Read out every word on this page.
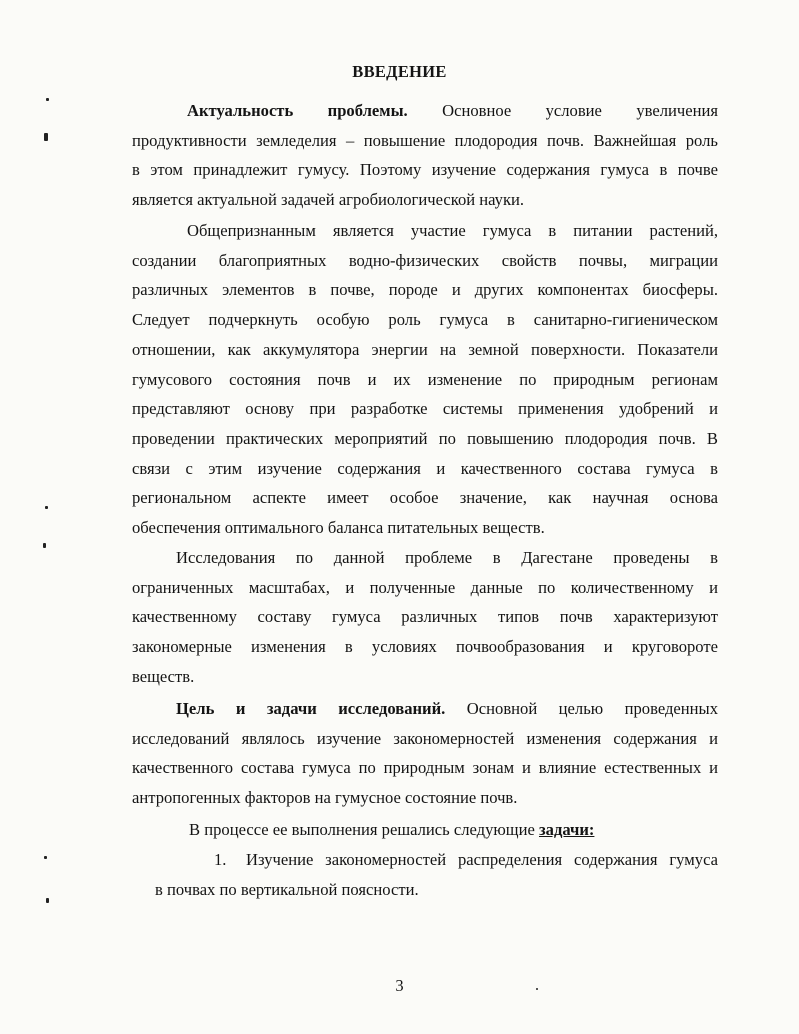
ВВЕДЕНИЕ
Актуальность проблемы. Основное условие увеличения
продуктивности земледелия – повышение плодородия почв. Важнейшая роль
в этом принадлежит гумусу. Поэтому изучение содержания гумуса в почве
является актуальной задачей агробиологической науки.
Общепризнанным является участие гумуса в питании растений,
создании благоприятных водно-физических свойств почвы, миграции
различных элементов в почве, породе и других компонентах биосферы.
Следует подчеркнуть особую роль гумуса в санитарно-гигиеническом
отношении, как аккумулятора энергии на земной поверхности. Показатели
гумусового состояния почв и их изменение по природным регионам
представляют основу при разработке системы применения удобрений и
проведении практических мероприятий по повышению плодородия почв. В
связи с этим изучение содержания и качественного состава гумуса в
региональном аспекте имеет особое значение, как научная основа
обеспечения оптимального баланса питательных веществ.
Исследования по данной проблеме в Дагестане проведены в
ограниченных масштабах, и полученные данные по количественному и
качественному составу гумуса различных типов почв характеризуют
закономерные изменения в условиях почвообразования и круговороте
веществ.
Цель и задачи исследований. Основной целью проведенных
исследований являлось изучение закономерностей изменения содержания и
качественного состава гумуса по природным зонам и влияние естественных и
антропогенных факторов на гумусное состояние почв.
В процессе ее выполнения решались следующие задачи:
1. Изучение закономерностей распределения содержания гумуса
в почвах по вертикальной поясности.
3
